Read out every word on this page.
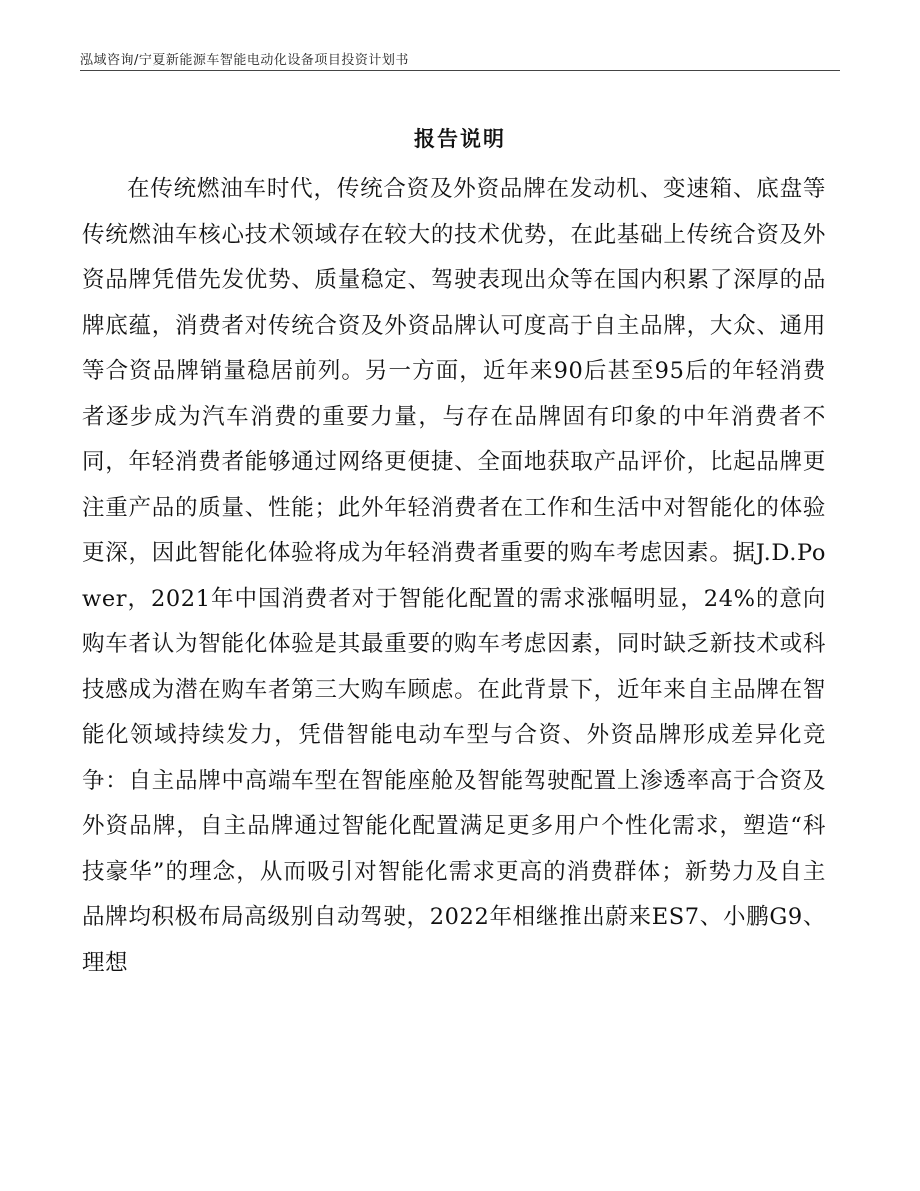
泓域咨询/宁夏新能源车智能电动化设备项目投资计划书
报告说明

在传统燃油车时代，传统合资及外资品牌在发动机、变速箱、底盘等传统燃油车核心技术领域存在较大的技术优势，在此基础上传统合资及外资品牌凭借先发优势、质量稳定、驾驶表现出众等在国内积累了深厚的品牌底蕴，消费者对传统合资及外资品牌认可度高于自主品牌，大众、通用等合资品牌销量稳居前列。另一方面，近年来90后甚至95后的年轻消费者逐步成为汽车消费的重要力量，与存在品牌固有印象的中年消费者不同，年轻消费者能够通过网络更便捷、全面地获取产品评价，比起品牌更注重产品的质量、性能；此外年轻消费者在工作和生活中对智能化的体验更深，因此智能化体验将成为年轻消费者重要的购车考虑因素。据J.D.Power，2021年中国消费者对于智能化配置的需求涨幅明显，24%的意向购车者认为智能化体验是其最重要的购车考虑因素，同时缺乏新技术或科技感成为潜在购车者第三大购车顾虑。在此背景下，近年来自主品牌在智能化领域持续发力，凭借智能电动车型与合资、外资品牌形成差异化竞争：自主品牌中高端车型在智能座舱及智能驾驶配置上渗透率高于合资及外资品牌，自主品牌通过智能化配置满足更多用户个性化需求，塑造“科技豪华”的理念，从而吸引对智能化需求更高的消费群体；新势力及自主品牌均积极布局高级别自动驾驶，2022年相继推出蔚来ES7、小鹏G9、理想
